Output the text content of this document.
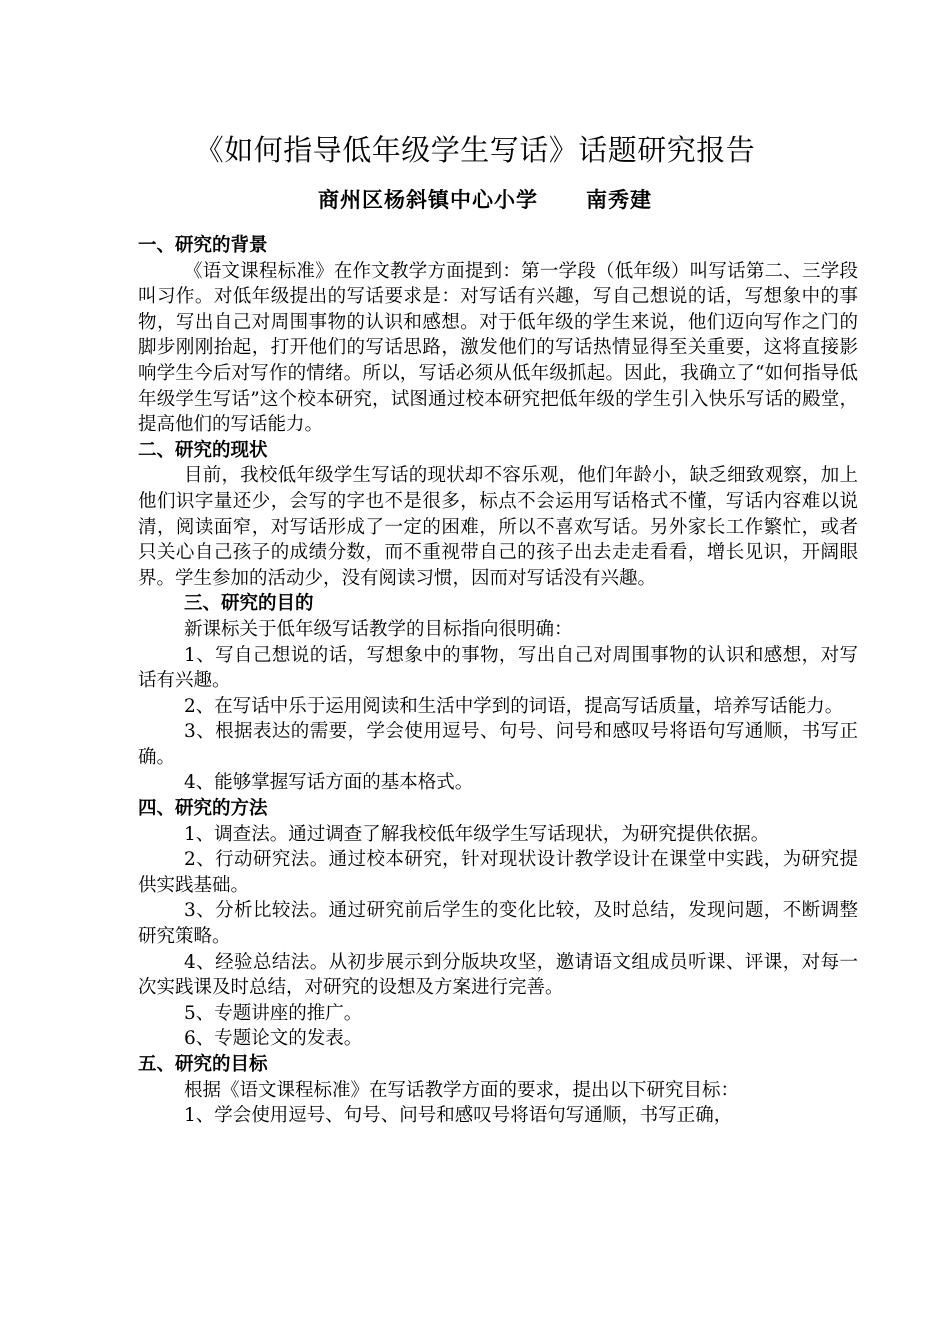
《如何指导低年级学生写话》话题研究报告
商州区杨斜镇中心小学 南秀建

一、研究的背景

《语文课程标准》在作文教学方面提到：第一学段（低年级）叫写话第二、三学段叫习作。对低年级提出的写话要求是：对写话有兴趣，写自己想说的话，写想象中的事物，写出自己对周围事物的认识和感想。对于低年级的学生来说，他们迈向写作之门的脚步刚刚抬起，打开他们的写话思路，激发他们的写话热情显得至关重要，这将直接影响学生今后对写作的情绪。所以，写话必须从低年级抓起。因此，我确立了“如何指导低年级学生写话”这个校本研究，试图通过校本研究把低年级的学生引入快乐写话的殿堂，提高他们的写话能力。

二、研究的现状

目前，我校低年级学生写话的现状却不容乐观，他们年龄小，缺乏细致观察，加上他们识字量还少，会写的字也不是很多，标点不会运用写话格式不懂，写话内容难以说清，阅读面窄，对写话形成了一定的困难，所以不喜欢写话。另外家长工作繁忙，或者只关心自己孩子的成绩分数，而不重视带自己的孩子出去走走看看，增长见识，开阔眼界。学生参加的活动少，没有阅读习惯，因而对写话没有兴趣。

三、研究的目的

新课标关于低年级写话教学的目标指向很明确：

1、写自己想说的话，写想象中的事物，写出自己对周围事物的认识和感想，对写话有兴趣。

2、在写话中乐于运用阅读和生活中学到的词语，提高写话质量，培养写话能力。

3、根据表达的需要，学会使用逗号、句号、问号和感叹号将语句写通顺，书写正确。

4、能够掌握写话方面的基本格式。

四、研究的方法

1、调查法。通过调查了解我校低年级学生写话现状，为研究提供依据。

2、行动研究法。通过校本研究，针对现状设计教学设计在课堂中实践，为研究提供实践基础。

3、分析比较法。通过研究前后学生的变化比较，及时总结，发现问题，不断调整研究策略。

4、经验总结法。从初步展示到分版块攻坚，邀请语文组成员听课、评课，对每一次实践课及时总结，对研究的设想及方案进行完善。

5、专题讲座的推广。

6、专题论文的发表。

五、研究的目标

根据《语文课程标准》在写话教学方面的要求，提出以下研究目标：

1、学会使用逗号、句号、问号和感叹号将语句写通顺，书写正确，
